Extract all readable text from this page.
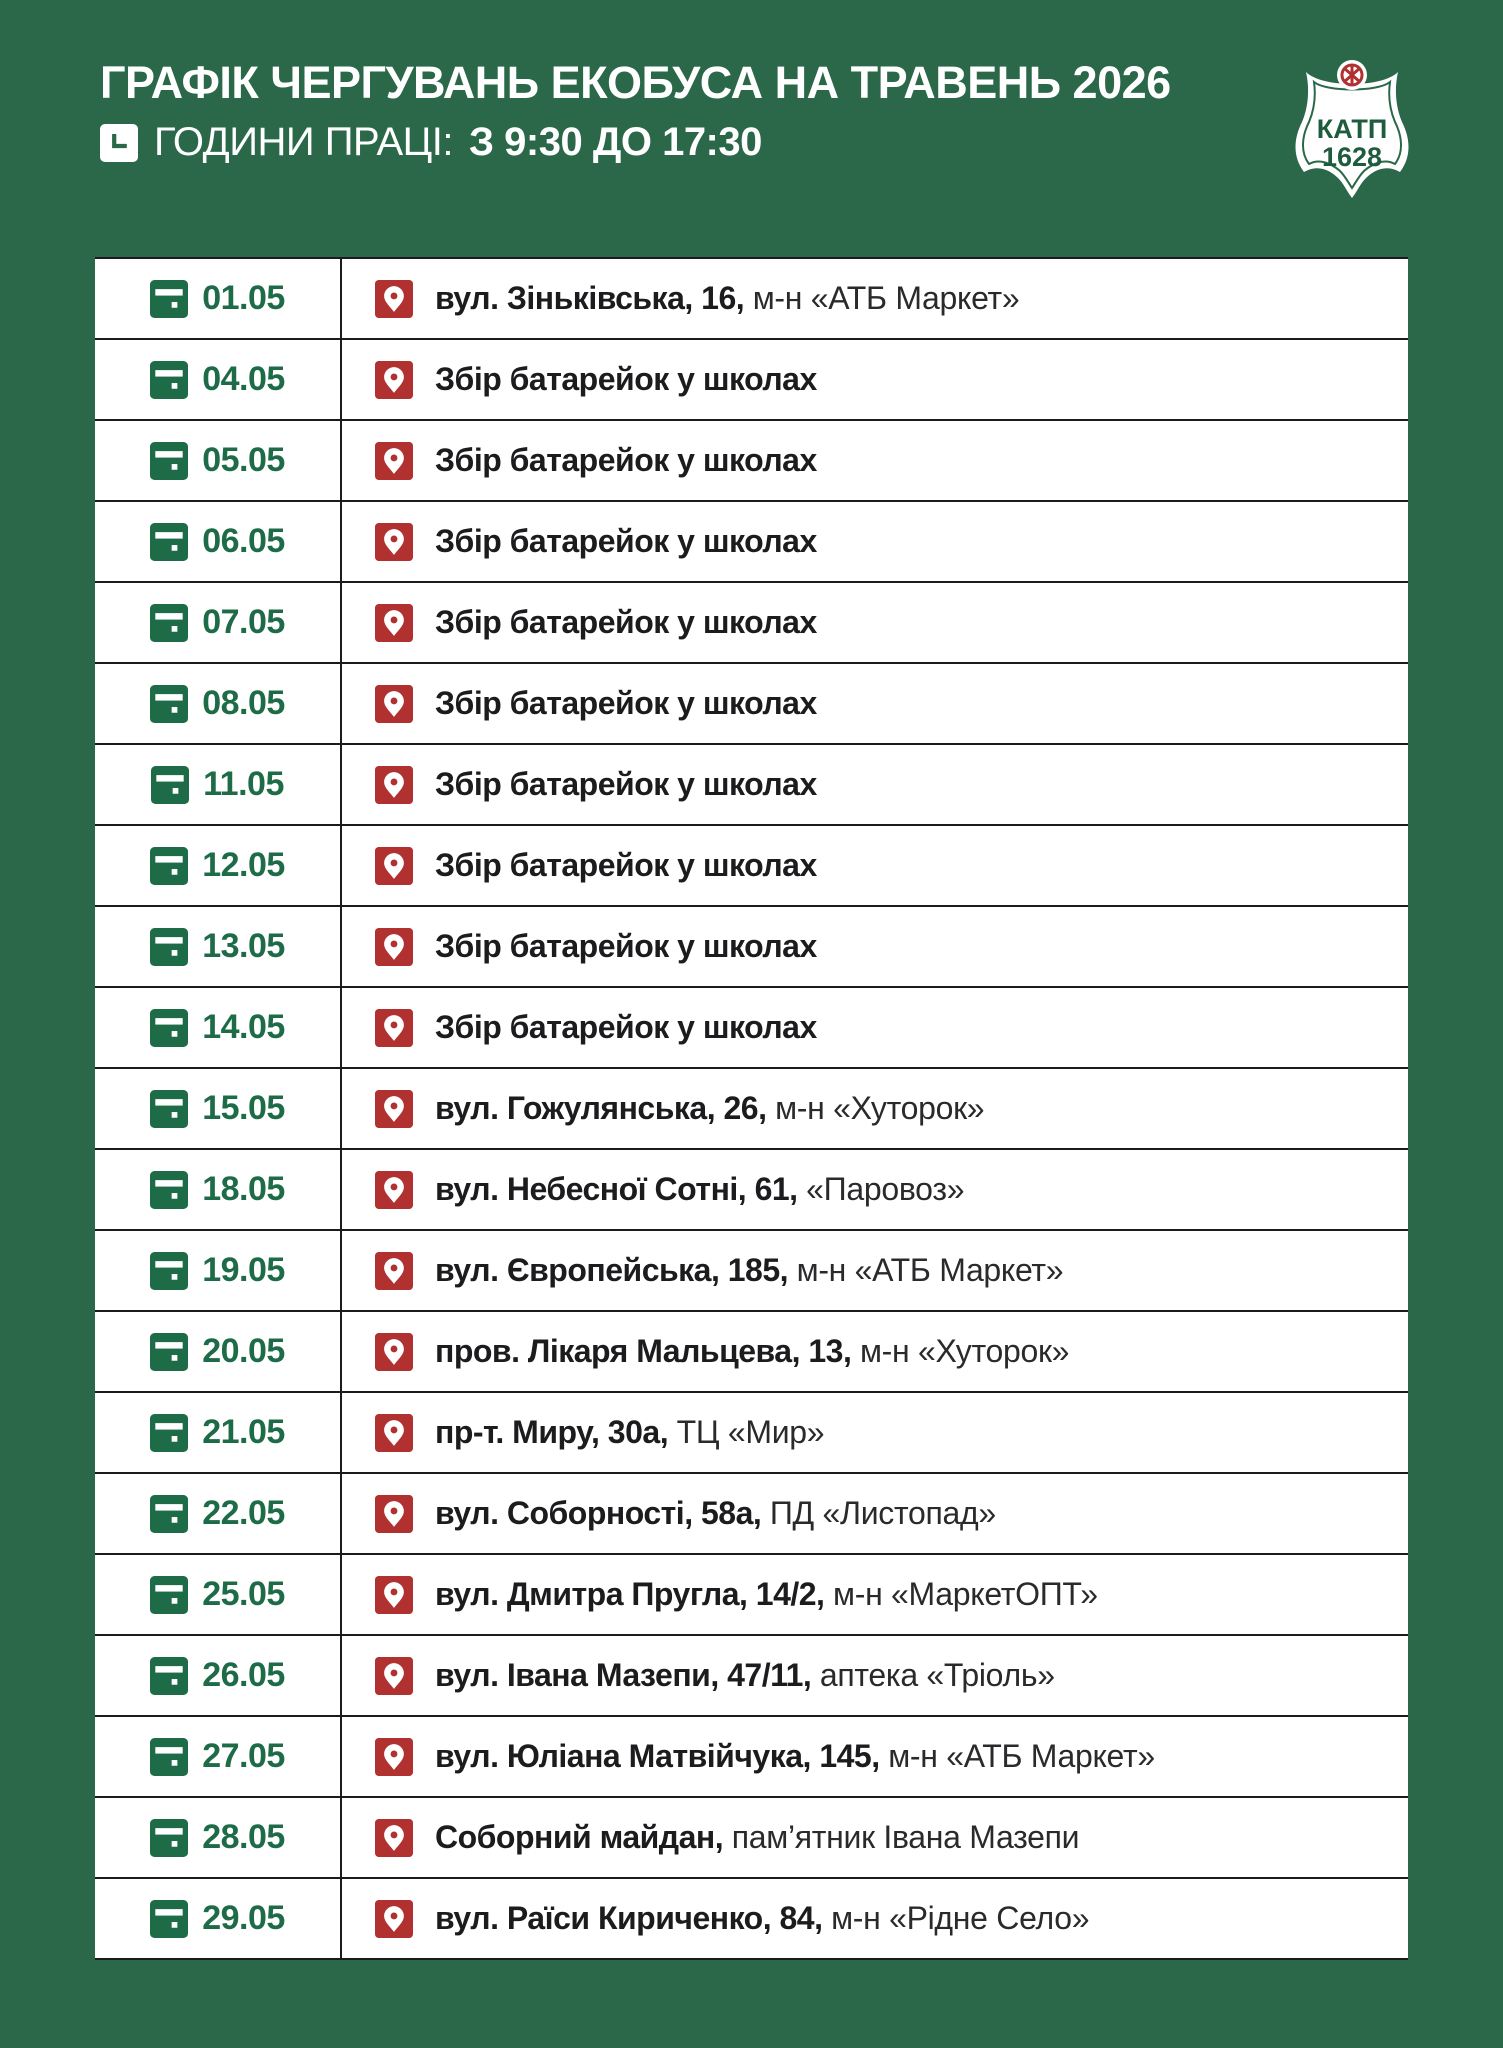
ГРАФІК ЧЕРГУВАНЬ ЕКОБУСА НА ТРАВЕНЬ 2026
ГОДИНИ ПРАЦІ: З 9:30 ДО 17:30	КАТП
1628
01.05	вул. Зіньківська, 16, м-н «АТБ Маркет»
04.05	Збір батарейок у школах
05.05	Збір батарейок у школах
06.05	Збір батарейок у школах
07.05	Збір батарейок у школах
08.05	Збір батарейок у школах
11.05	Збір батарейок у школах
12.05	Збір батарейок у школах
13.05	Збір батарейок у школах
14.05	Збір батарейок у школах
15.05	вул. Гожулянська, 26, м-н «Хуторок»
18.05	вул. Небесної Сотні, 61, «Паровоз»
19.05	вул. Європейська, 185, м-н «АТБ Маркет»
20.05	пров. Лікаря Мальцева, 13, м-н «Хуторок»
21.05	пр-т. Миру, 30а, ТЦ «Мир»
22.05	вул. Соборності, 58а, ПД «Листопад»
25.05	вул. Дмитра Пругла, 14/2, м-н «МаркетОПТ»
26.05	вул. Івана Мазепи, 47/11, аптека «Тріоль»
27.05	вул. Юліана Матвійчука, 145, м-н «АТБ Маркет»
28.05	Соборний майдан, пам’ятник Івана Мазепи
29.05	вул. Раїси Кириченко, 84, м-н «Рідне Село»
